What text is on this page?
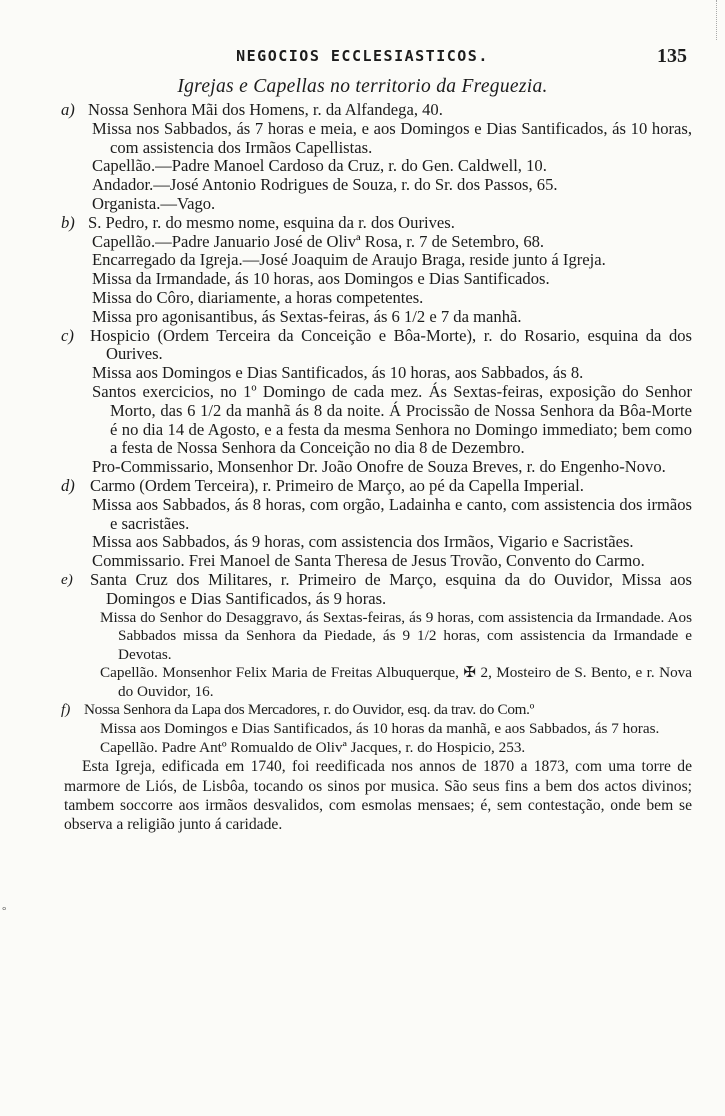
NEGOCIOS ECCLESIASTICOS.	135
Igrejas e Capellas no territorio da Freguezia.
a) Nossa Senhora Mãi dos Homens, r. da Alfandega, 40.
Missa nos Sabbados, ás 7 horas e meia, e aos Domingos e Dias Santificados, ás 10 horas, com assistencia dos Irmãos Capellistas.
Capellão.—Padre Manoel Cardoso da Cruz, r. do Gen. Caldwell, 10.
Andador.—José Antonio Rodrigues de Souza, r. do Sr. dos Passos, 65.
Organista.—Vago.
b) S. Pedro, r. do mesmo nome, esquina da r. dos Ourives.
Capellão.—Padre Januario José de Olivª Rosa, r. 7 de Setembro, 68.
Encarregado da Igreja.—José Joaquim de Araujo Braga, reside junto á Igreja.
Missa da Irmandade, ás 10 horas, aos Domingos e Dias Santificados.
Missa do Côro, diariamente, a horas competentes.
Missa pro agonisantibus, ás Sextas-feiras, ás 6 1/2 e 7 da manhã.
c) Hospicio (Ordem Terceira da Conceição e Bôa-Morte), r. do Rosario, esquina da dos Ourives.
Missa aos Domingos e Dias Santificados, ás 10 horas, aos Sabbados, ás 8.
Santos exercicios, no 1º Domingo de cada mez. Ás Sextas-feiras, exposição do Senhor Morto, das 6 1/2 da manhã ás 8 da noite. Á Procissão de Nossa Senhora da Bôa-Morte é no dia 14 de Agosto, e a festa da mesma Senhora no Domingo immediato; bem como a festa de Nossa Senhora da Conceição no dia 8 de Dezembro.
Pro-Commissario, Monsenhor Dr. João Onofre de Souza Breves, r. do Engenho-Novo.
d) Carmo (Ordem Terceira), r. Primeiro de Março, ao pé da Capella Imperial.
Missa aos Sabbados, ás 8 horas, com orgão, Ladainha e canto, com assistencia dos irmãos e sacristães.
Missa aos Sabbados, ás 9 horas, com assistencia dos Irmãos, Vigario e Sacristães.
Commissario. Frei Manoel de Santa Theresa de Jesus Trovão, Convento do Carmo.
e)	Santa Cruz dos Militares, r. Primeiro de Março, esquina da do Ouvidor, Missa aos Domingos e Dias Santificados, ás 9 horas.
Missa do Senhor do Desaggravo, ás Sextas-feiras, ás 9 horas, com assistencia da Irmandade. Aos Sabbados missa da Senhora da Piedade, ás 9 1/2 horas, com assistencia da Irmandade e Devotas.
Capellão. Monsenhor Felix Maria de Freitas Albuquerque, ✠ 2, Mosteiro de S. Bento, e r. Nova do Ouvidor, 16.
f) Nossa Senhora da Lapa dos Mercadores, r. do Ouvidor, esq. da trav. do Com.º
Missa aos Domingos e Dias Santificados, ás 10 horas da manhã, e aos Sabbados, ás 7 horas.
Capellão. Padre Antº Romualdo de Olivª Jacques, r. do Hospicio, 253.
Esta Igreja, edificada em 1740, foi reedificada nos annos de 1870 a 1873, com uma torre de marmore de Liós, de Lisbôa, tocando os sinos por musica. São seus fins a bem dos actos divinos; tambem soccorre aos irmãos desvalidos, com esmolas mensaes; é, sem contestação, onde bem se observa a religião junto á caridade.
°
